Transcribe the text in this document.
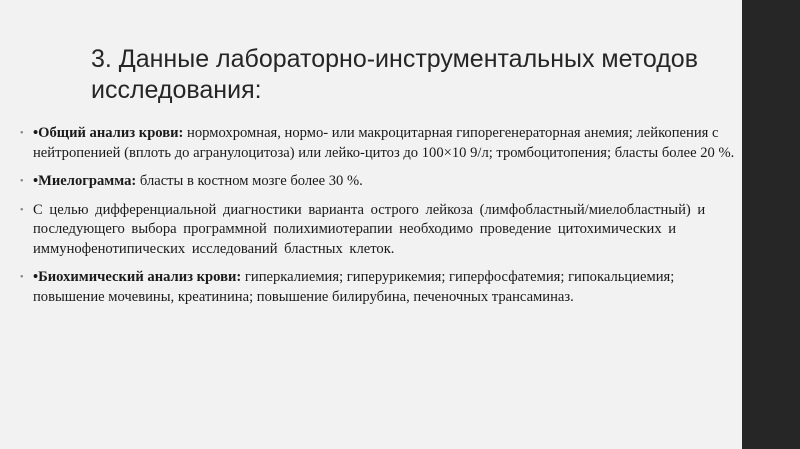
3. Данные лабораторно-инструментальных методов исследования:

• •Общий анализ крови: нормохромная, нормо- или макроцитарная гипорегенераторная анемия; лейкопения с нейтропенией (вплоть до агранулоцитоза) или лейко-цитоз до 100×10 9/л; тромбоцитопения; бласты более 20 %.

• •Миелограмма: бласты в костном мозге более 30 %.

• С целью дифференциальной диагностики варианта острого лейкоза (лимфобластный/миелобластный) и последующего выбора программной полихимиотерапии необходимо проведение цитохимических и иммунофенотипических исследований бластных клеток.

• •Биохимический анализ крови: гиперкалиемия; гиперурикемия; гиперфосфатемия; гипокальциемия; повышение мочевины, креатинина; повышение билирубина, печеночных трансаминаз.
